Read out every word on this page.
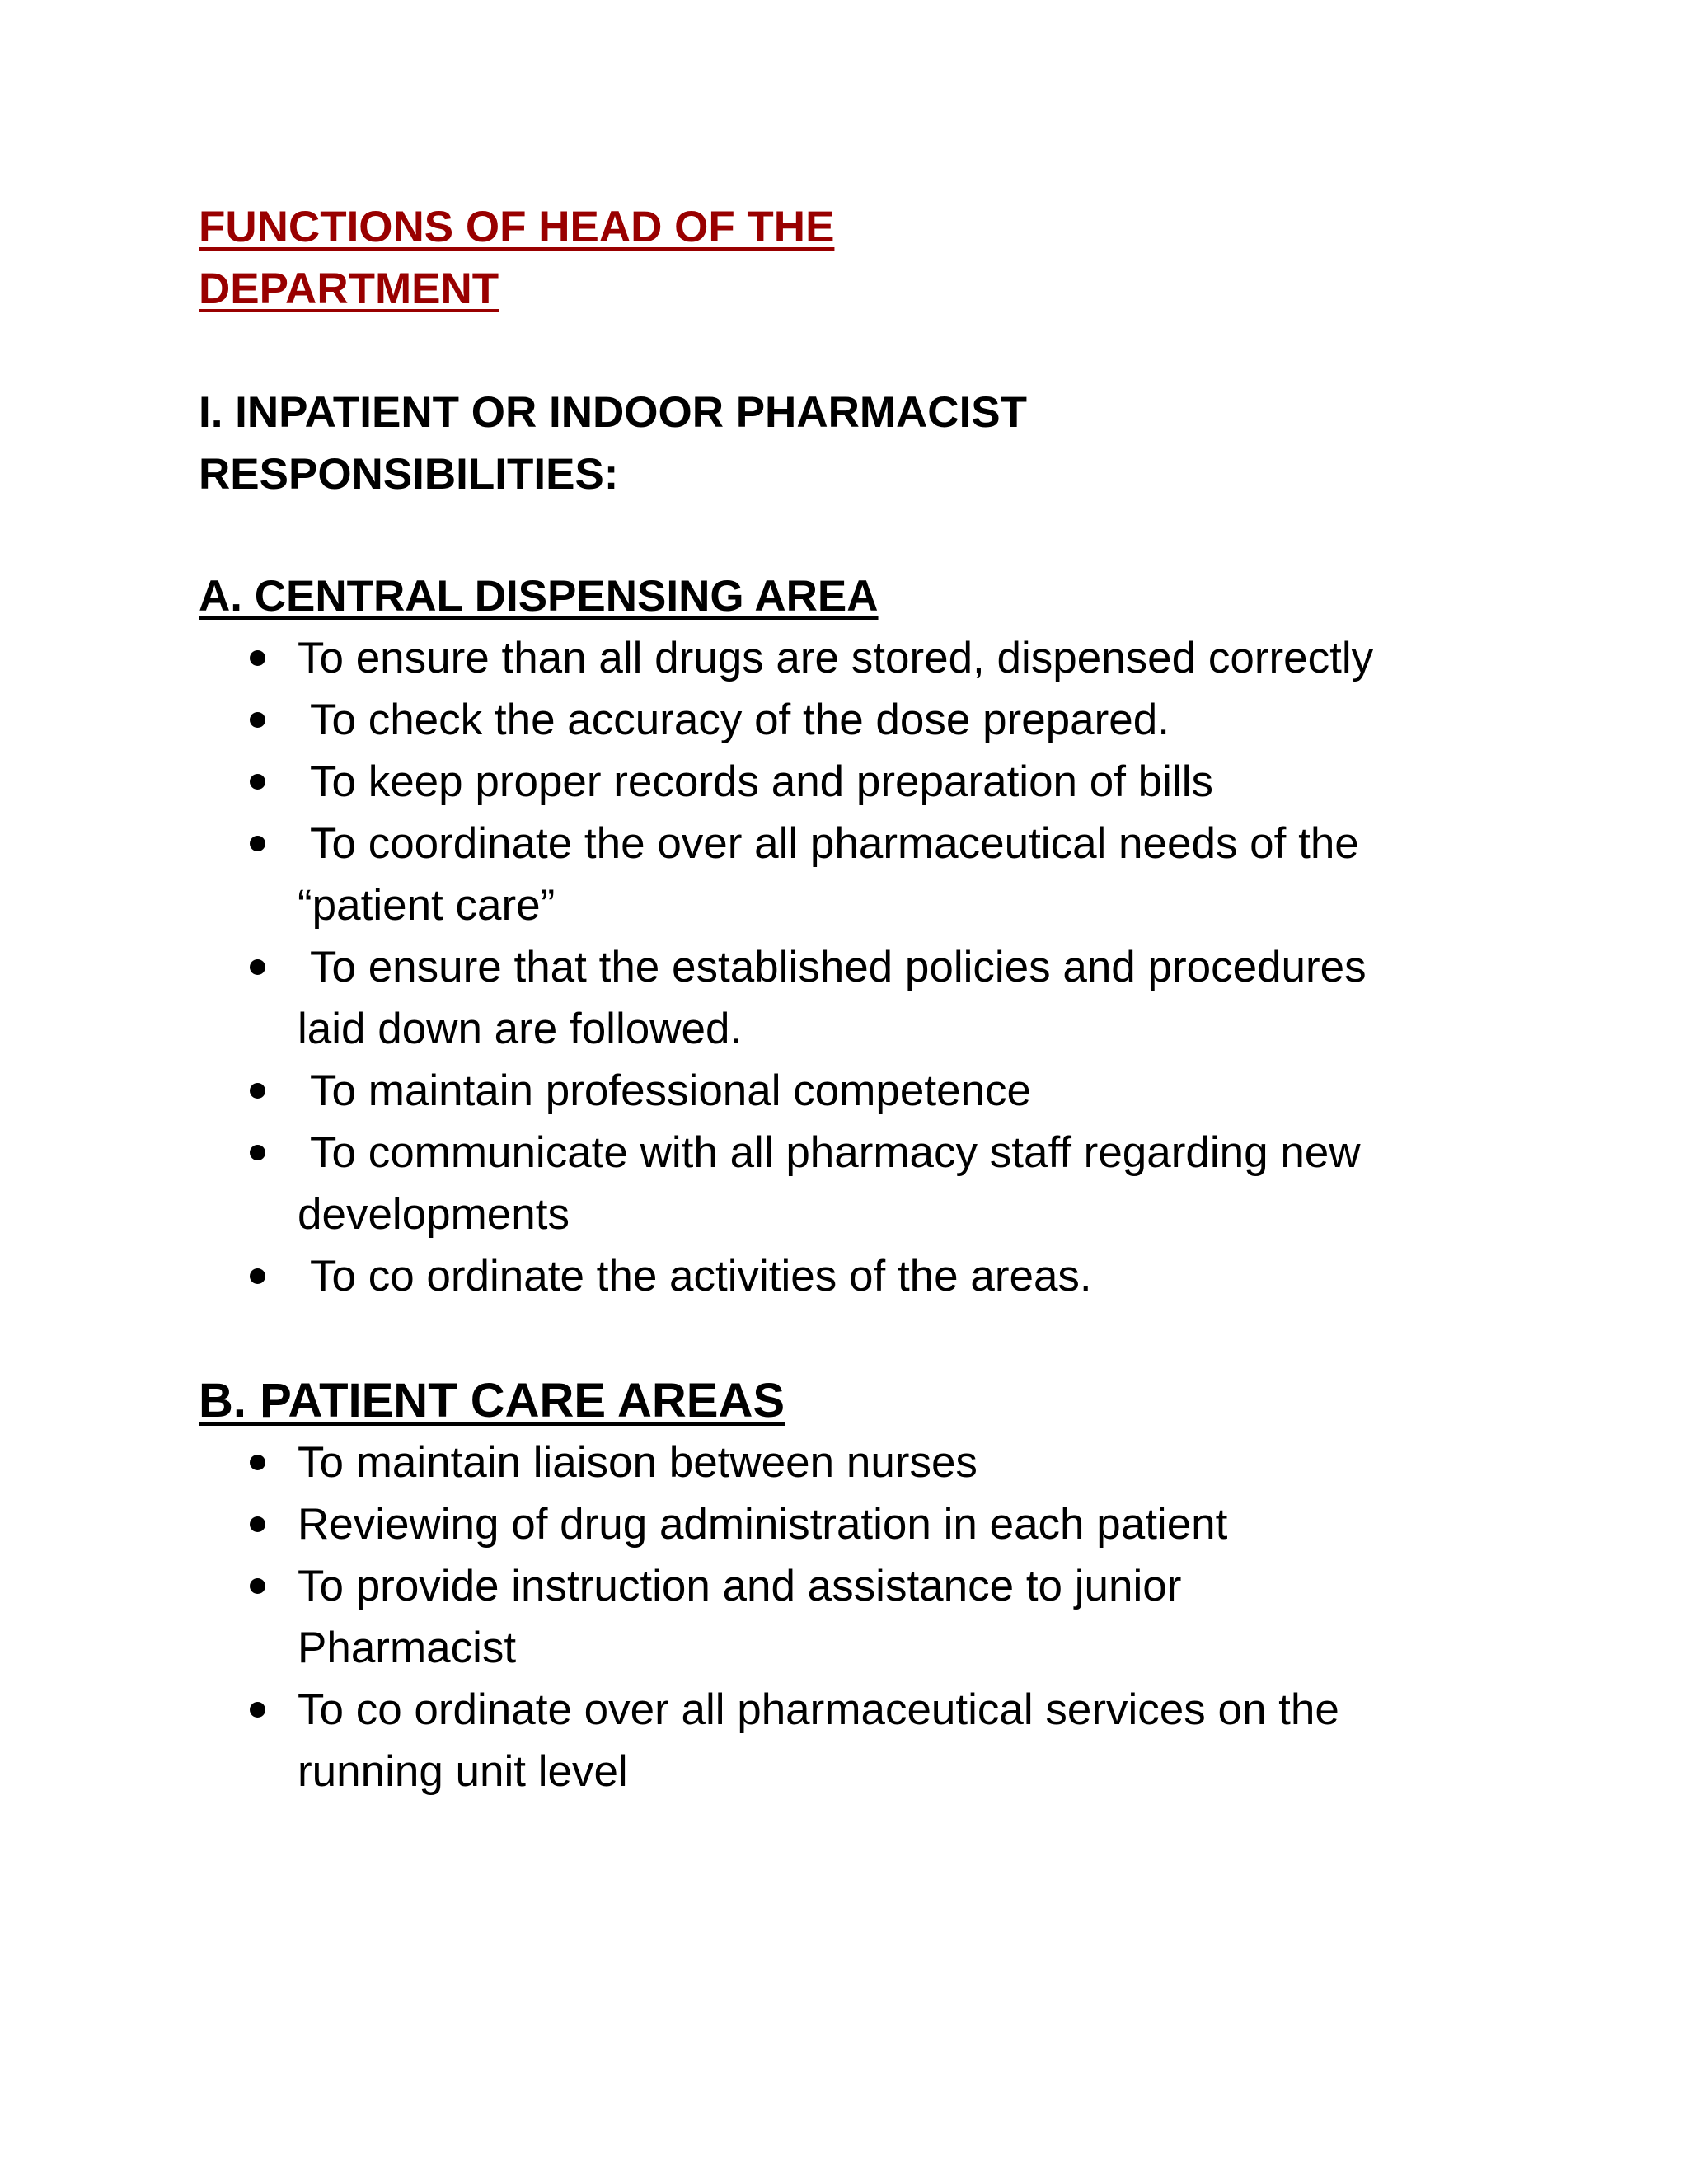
FUNCTIONS OF HEAD OF THE
DEPARTMENT
I. INPATIENT OR INDOOR PHARMACIST
RESPONSIBILITIES:
A. CENTRAL DISPENSING AREA
To ensure than all drugs are stored, dispensed correctly
To check the accuracy of the dose prepared.
To keep proper records and preparation of bills
To coordinate the over all pharmaceutical needs of the
“patient care”
To ensure that the established policies and procedures
laid down are followed.
To maintain professional competence
To communicate with all pharmacy staff regarding new
developments
To co ordinate the activities of the areas.
B. PATIENT CARE AREAS
To maintain liaison between nurses
Reviewing of drug administration in each patient
To provide instruction and assistance to junior
Pharmacist
To co ordinate over all pharmaceutical services on the
running unit level
